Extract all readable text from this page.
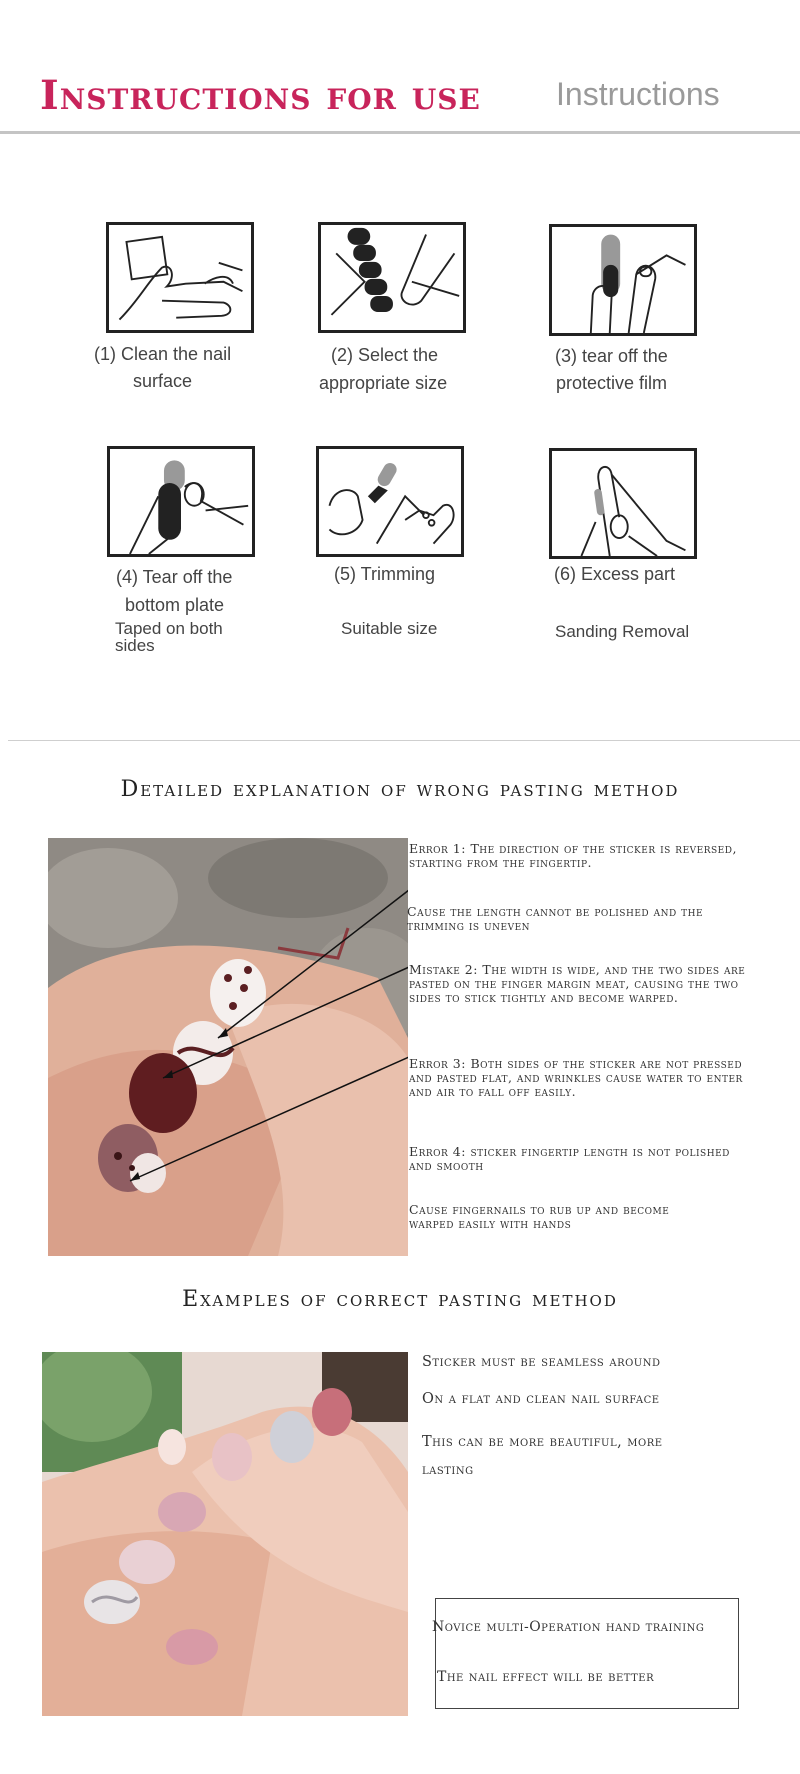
Instructions for use Instructions
(1) Clean the nail
surface
(2) Select the
appropriate size
(3) tear off the
protective film
(4) Tear off the
bottom plate
Taped on both sides
(5) Trimming
Suitable size
(6) Excess part
Sanding Removal
Detailed explanation of wrong pasting method
Error 1: The direction of the sticker is reversed, starting from the fingertip.
Cause the length cannot be polished and the trimming is uneven
Mistake 2: The width is wide, and the two sides are pasted on the finger margin meat, causing the two sides to stick tightly and become warped.
Error 3: Both sides of the sticker are not pressed and pasted flat, and wrinkles cause water to enter and air to fall off easily.
Error 4: sticker fingertip length is not polished and smooth
Cause fingernails to rub up and become warped easily with hands
Examples of correct pasting method
Sticker must be seamless around
On a flat and clean nail surface
This can be more beautiful, more
lasting
Novice multi-Operation hand training
The nail effect will be better
